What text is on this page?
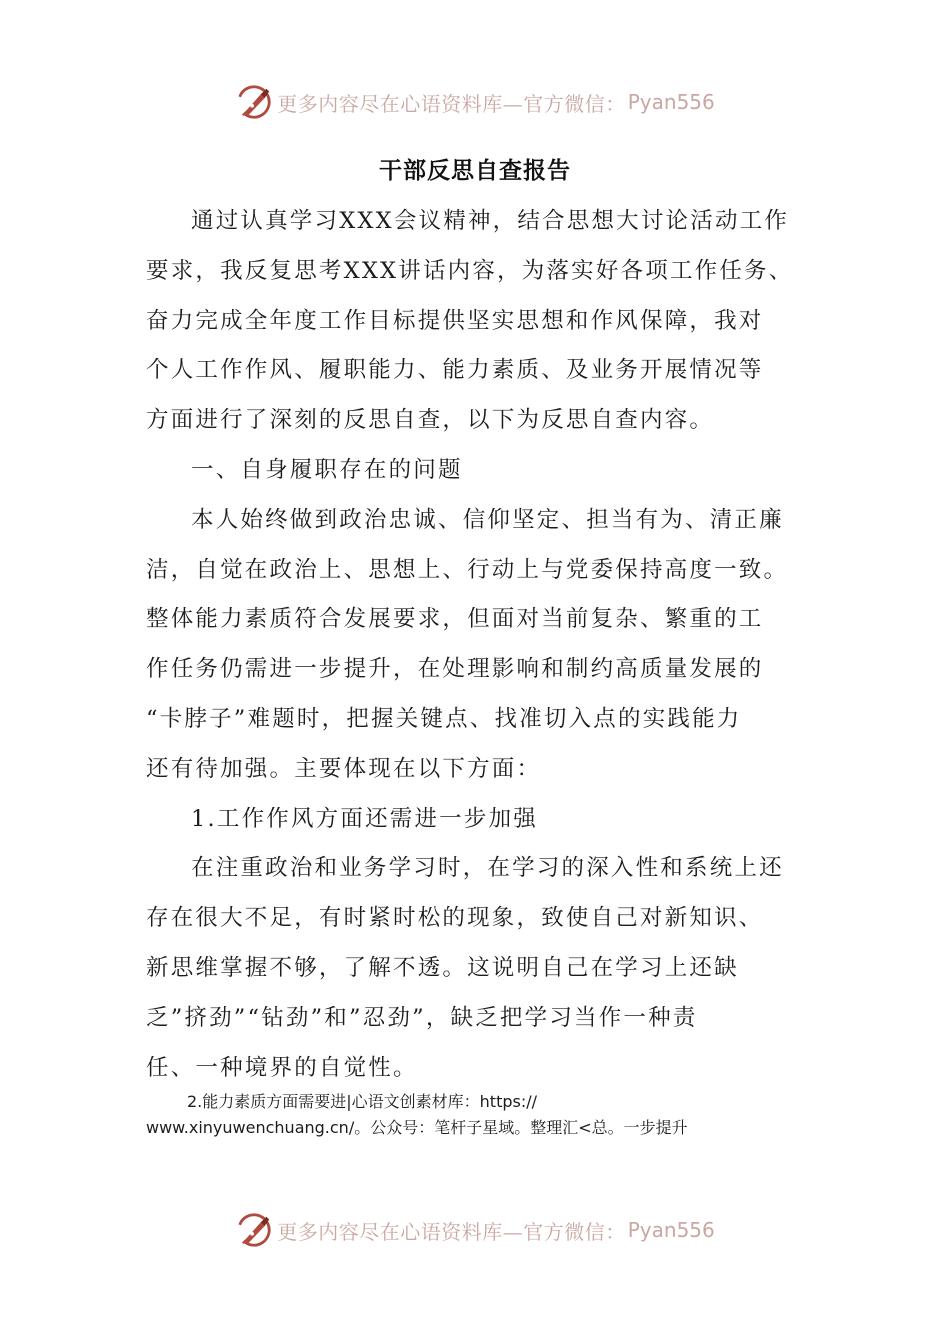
更多内容尽在心语资料库—官方微信： Pyan556
干部反思自查报告

通过认真学习XXX会议精神，结合思想大讨论活动工作

要求，我反复思考XXX讲话内容，为落实好各项工作任务、

奋力完成全年度工作目标提供坚实思想和作风保障，我对

个人工作作风、履职能力、能力素质、及业务开展情况等

方面进行了深刻的反思自查，以下为反思自查内容。

一、自身履职存在的问题

本人始终做到政治忠诚、信仰坚定、担当有为、清正廉

洁，自觉在政治上、思想上、行动上与党委保持高度一致。

整体能力素质符合发展要求，但面对当前复杂、繁重的工

作任务仍需进一步提升，在处理影响和制约高质量发展的

“卡脖子”难题时，把握关键点、找准切入点的实践能力

还有待加强。主要体现在以下方面：

1.工作作风方面还需进一步加强

在注重政治和业务学习时，在学习的深入性和系统上还

存在很大不足，有时紧时松的现象，致使自己对新知识、

新思维掌握不够，了解不透。这说明自己在学习上还缺

乏”挤劲”“钻劲”和”忍劲”，缺乏把学习当作一种责

任、一种境界的自觉性。

2.能力素质方面需要进|心语文创素材库：https://
www.xinyuwenchuang.cn/。公众号：笔杆子星域。整理汇<总。一步提升
更多内容尽在心语资料库—官方微信： Pyan556
